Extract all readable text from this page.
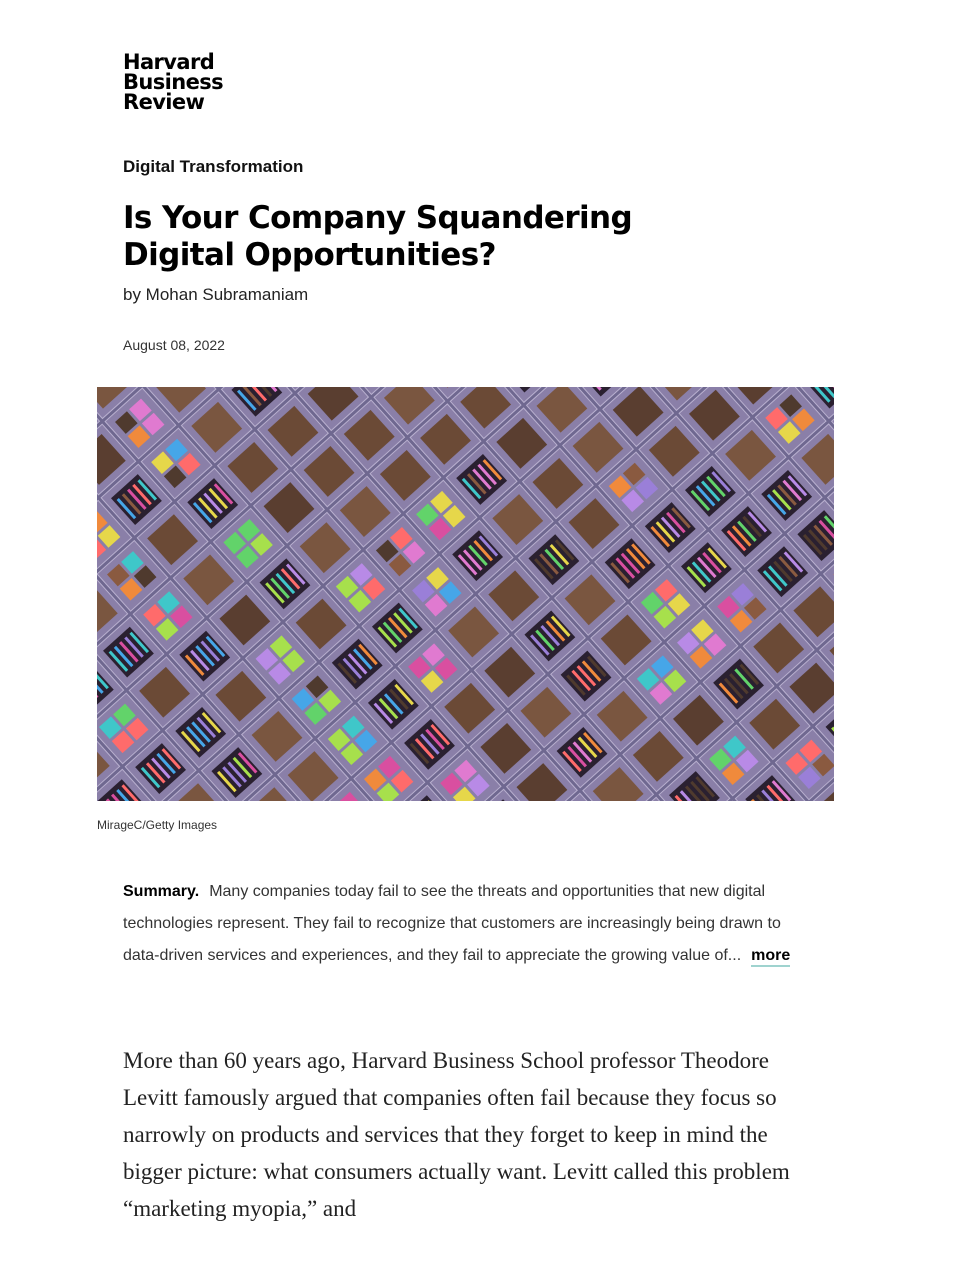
Harvard
Business
Review
Digital Transformation
Is Your Company Squandering Digital Opportunities?
by Mohan Subramaniam
August 08, 2022
MirageC/Getty Images
Summary. Many companies today fail to see the threats and opportunities that new digital technologies represent. They fail to recognize that customers are increasingly being drawn to data-driven services and experiences, and they fail to appreciate the growing value of... more

More than 60 years ago, Harvard Business School professor Theodore Levitt famously argued that companies often fail because they focus so narrowly on products and services that they forget to keep in mind the bigger picture: what consumers actually want. Levitt called this problem “marketing myopia,” and
